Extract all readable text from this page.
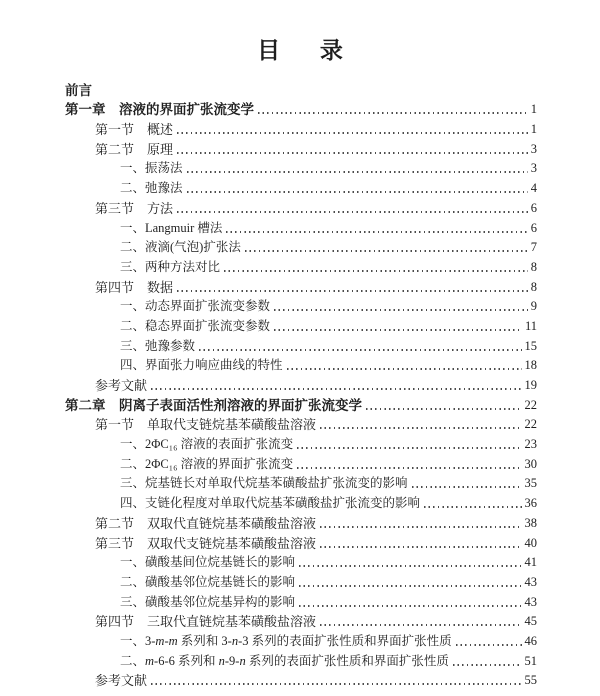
目 录
前言
第一章　溶液的界面扩张流变学	1
第一节　概述	1
第二节　原理	3
一、振荡法	3
二、弛豫法	4
第三节　方法	6
一、Langmuir 槽法	6
二、液滴(气泡)扩张法	7
三、两种方法对比	8
第四节　数据	8
一、动态界面扩张流变参数	9
二、稳态界面扩张流变参数	11
三、弛豫参数	15
四、界面张力响应曲线的特性	18
参考文献	19
第二章　阴离子表面活性剂溶液的界面扩张流变学	22
第一节　单取代支链烷基苯磺酸盐溶液	22
一、2ΦC₁₆ 溶液的表面扩张流变	23
二、2ΦC₁₆ 溶液的界面扩张流变	30
三、烷基链长对单取代烷基苯磺酸盐扩张流变的影响	35
四、支链化程度对单取代烷基苯磺酸盐扩张流变的影响	36
第二节　双取代直链烷基苯磺酸盐溶液	38
第三节　双取代支链烷基苯磺酸盐溶液	40
一、磺酸基间位烷基链长的影响	41
二、磺酸基邻位烷基链长的影响	43
三、磺酸基邻位烷基异构的影响	43
第四节　三取代直链烷基苯磺酸盐溶液	45
一、3-m-m 系列和 3-n-3 系列的表面扩张性质和界面扩张性质	46
二、m-6-6 系列和 n-9-n 系列的表面扩张性质和界面扩张性质	51
参考文献	55
